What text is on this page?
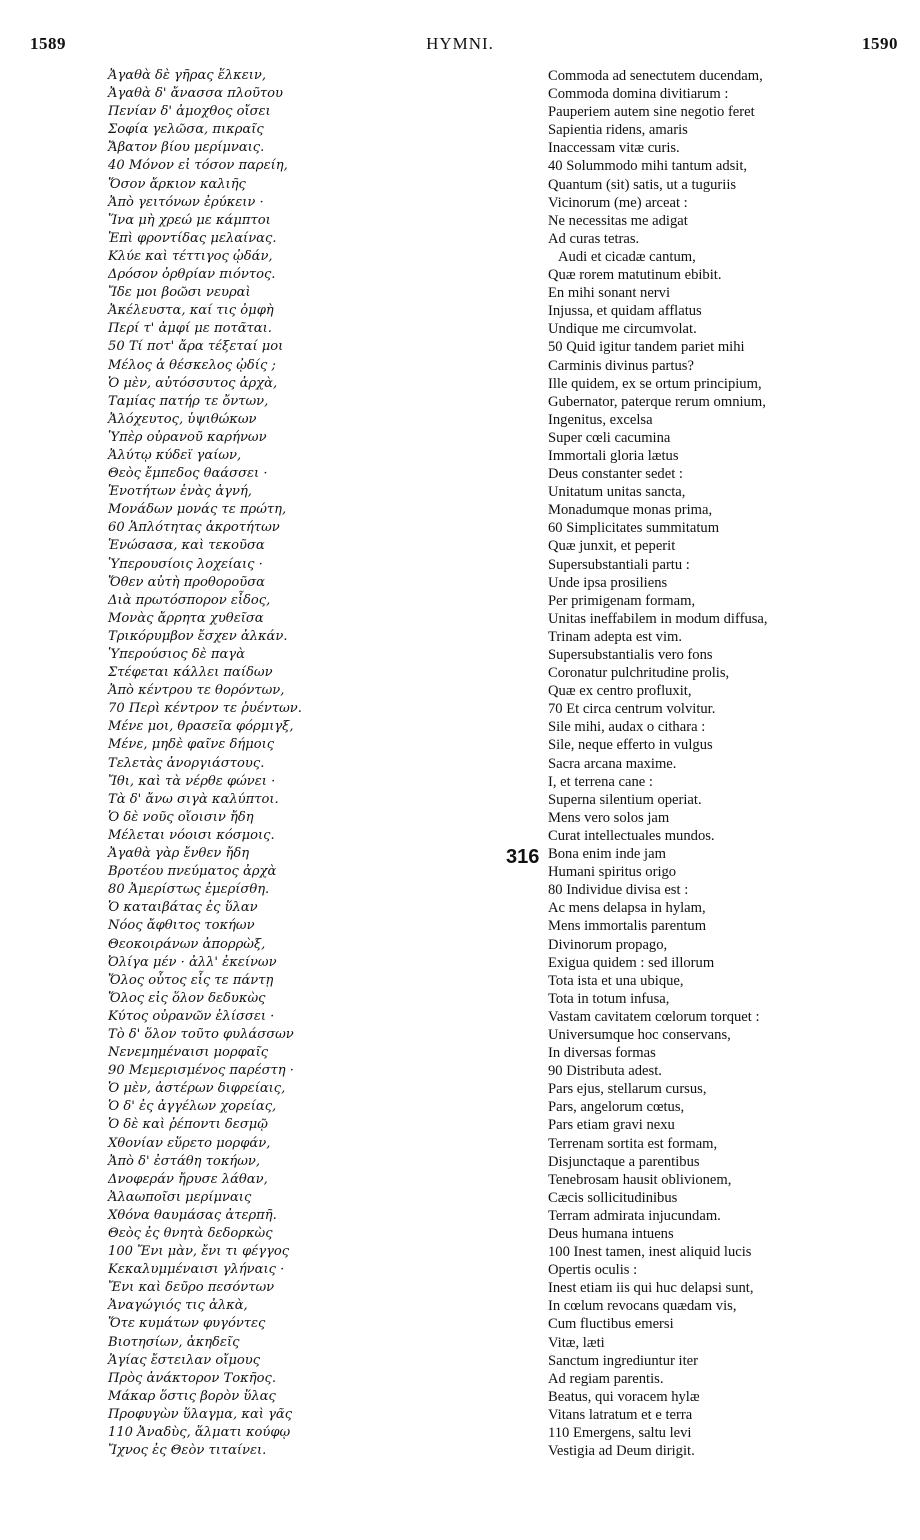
1589	HYMNI.	1590
Ἀγαθὰ δὲ γῆρας ἕλκειν,
Ἀγαθὰ δ' ἄνασσα πλοῦτου
Πενίαν δ' ἀμοχθος οἴσει
Σοφία γελῶσα, πικραῖς
Ἄβατον βίου μερίμναις.
40 Μόνον εἰ τόσον παρείη,
Ὅσον ἄρκιον καλιῆς
Ἀπὸ γειτόνων ἐρύκειν ·
Ἵνα μὴ χρεώ με κάμπτοι
Ἐπὶ φροντίδας μελαίνας.
Κλύε καὶ τέττιγος ᾠδάν,
Δρόσον ὀρθρίαν πιόντος.
Ἴδε μοι βοῶσι νευραὶ
Ἀκέλευστα, καί τις ὀμφὴ
Περί τ' ἀμφί με ποτᾶται.
50 Τί ποτ' ἄρα τέξεταί μοι
Μέλος ἁ θέσκελος ᾠδίς ;
Ὁ μὲν, αὐτόσσυτος ἀρχὰ,
Ταμίας πατήρ τε ὄντων,
Ἀλόχευτος, ὑψιθώκων
Ὑπὲρ οὐρανοῦ καρήνων
Ἀλύτῳ κύδεϊ γαίων,
Θεὸς ἔμπεδος θαάσσει ·
Ἑνοτήτων ἑνὰς ἁγνή,
Μονάδων μονάς τε πρώτη,
60 Ἁπλότητας ἀκροτήτων
Ἑνώσασα, καὶ τεκοῦσα
Ὑπερουσίοις λοχείαις ·
Ὅθεν αὐτὴ προθοροῦσα
Διὰ πρωτόσπορον εἶδος,
Μονὰς ἄρρητα χυθεῖσα
Τρικόρυμβον ἔσχεν ἀλκάν.
Ὑπερούσιος δὲ παγὰ
Στέφεται κάλλει παίδων
Ἀπὸ κέντρου τε θορόντων,
70 Περὶ κέντρον τε ῥυέντων.
Μένε μοι, θρασεῖα φόρμιγξ,
Μένε, μηδὲ φαῖνε δήμοις
Τελετὰς ἀνοργιάστους.
Ἴθι, καὶ τὰ νέρθε φώνει ·
Τὰ δ' ἄνω σιγὰ καλύπτοι.
Ὁ δὲ νοῦς οἵοισιν ἤδη
Μέλεται νόοισι κόσμοις.
Ἀγαθὰ γὰρ ἔνθεν ἤδη
Βροτέου πνεύματος ἀρχὰ
80 Ἀμερίστως ἐμερίσθη.
Ὁ καταιβάτας ἐς ὕλαν
Νόος ἄφθιτος τοκήων
Θεοκοιράνων ἀπορρὼξ,
Ὀλίγα μέν · ἀλλ' ἐκείνων
Ὅλος οὗτος εἷς τε πάντῃ
Ὅλος εἰς ὅλον δεδυκὼς
Κύτος οὐρανῶν ἑλίσσει ·
Τὸ δ' ὅλον τοῦτο φυλάσσων
Νενεμημέναισι μορφαῖς
90 Μεμερισμένος παρέστη ·
Ὁ μὲν, ἀστέρων διφρείαις,
Ὁ δ' ἐς ἀγγέλων χορείας,
Ὁ δὲ καὶ ῥέποντι δεσμῷ
Χθονίαν εὕρετο μορφάν,
Ἀπὸ δ' ἐστάθη τοκήων,
Δνοφεράν ἤρυσε λάθαν,
Ἀλαωποῖσι μερίμναις
Χθόνα θαυμάσας ἀτερπῆ.
Θεὸς ἐς θνητὰ δεδορκὼς
100 Ἔνι μὰν, ἔνι τι φέγγος
Κεκαλυμμέναισι γλήναις ·
Ἔνι καὶ δεῦρο πεσόντων
Ἀναγώγιός τις ἀλκὰ,
Ὅτε κυμάτων φυγόντες
Βιοτησίων, ἀκηδεῖς
Ἁγίας ἔστειλαν οἴμους
Πρὸς ἀνάκτορον Τοκῆος.
Μάκαρ ὅστις βορὸν ὕλας
Προφυγὼν ὕλαγμα, καὶ γᾶς
110 Ἀναδὺς, ἅλματι κούφῳ
Ἴχνος ἐς Θεὸν τιταίνει.
316
Commoda ad senectutem ducendam,
Commoda domina divitiarum :
Pauperiem autem sine negotio feret
Sapientia ridens, amaris
Inaccessam vitæ curis.
40 Solummodo mihi tantum adsit,
Quantum (sit) satis, ut a tuguriis
Vicinorum (me) arceat :
Ne necessitas me adigat
Ad curas tetras.
Audi et cicadæ cantum,
Quæ rorem matutinum ebibit.
En mihi sonant nervi
Injussa, et quidam afflatus
Undique me circumvolat.
50 Quid igitur tandem pariet mihi
Carminis divinus partus?
Ille quidem, ex se ortum principium,
Gubernator, paterque rerum omnium,
Ingenitus, excelsa
Super cœli cacumina
Immortali gloria lætus
Deus constanter sedet :
Unitatum unitas sancta,
Monadumque monas prima,
60 Simplicitates summitatum
Quæ junxit, et peperit
Supersubstantiali partu :
Unde ipsa prosiliens
Per primigenam formam,
Unitas ineffabilem in modum diffusa,
Trinam adepta est vim.
Supersubstantialis vero fons
Coronatur pulchritudine prolis,
Quæ ex centro profluxit,
70 Et circa centrum volvitur.
Sile mihi, audax o cithara :
Sile, neque efferto in vulgus
Sacra arcana maxime.
I, et terrena cane :
Superna silentium operiat.
Mens vero solos jam
Curat intellectuales mundos.
Bona enim inde jam
Humani spiritus origo
80 Individue divisa est :
Ac mens delapsa in hylam,
Mens immortalis parentum
Divinorum propago,
Exigua quidem : sed illorum
Tota ista et una ubique,
Tota in totum infusa,
Vastam cavitatem cœlorum torquet :
Universumque hoc conservans,
In diversas formas
90 Distributa adest.
Pars ejus, stellarum cursus,
Pars, angelorum cœtus,
Pars etiam gravi nexu
Terrenam sortita est formam,
Disjunctaque a parentibus
Tenebrosam hausit oblivionem,
Cæcis sollicitudinibus
Terram admirata injucundam.
Deus humana intuens
100 Inest tamen, inest aliquid lucis
Opertis oculis :
Inest etiam iis qui huc delapsi sunt,
In cœlum revocans quædam vis,
Cum fluctibus emersi
Vitæ, læti
Sanctum ingrediuntur iter
Ad regiam parentis.
Beatus, qui voracem hylæ
Vitans latratum et e terra
110 Emergens, saltu levi
Vestigia ad Deum dirigit.
